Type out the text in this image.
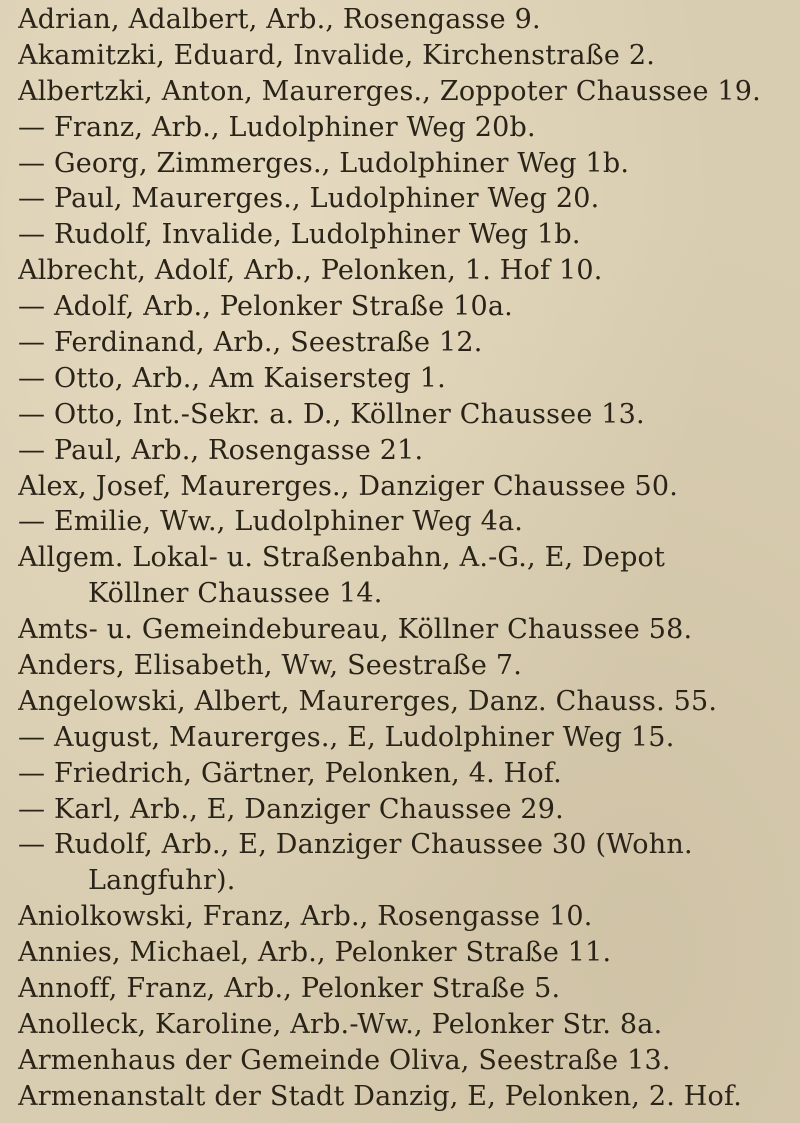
Adrian, Adalbert, Arb., Rosengasse 9.
Akamitzki, Eduard, Invalide, Kirchenstraße 2.
Albertzki, Anton, Maurerges., Zoppoter Chaussee 19.
— Franz, Arb., Ludolphiner Weg 20b.
— Georg, Zimmerges., Ludolphiner Weg 1b.
— Paul, Maurerges., Ludolphiner Weg 20.
— Rudolf, Invalide, Ludolphiner Weg 1b.
Albrecht, Adolf, Arb., Pelonken, 1. Hof 10.
— Adolf, Arb., Pelonker Straße 10a.
— Ferdinand, Arb., Seestraße 12.
— Otto, Arb., Am Kaisersteg 1.
— Otto, Int.-Sekr. a. D., Köllner Chaussee 13.
— Paul, Arb., Rosengasse 21.
Alex, Josef, Maurerges., Danziger Chaussee 50.
— Emilie, Ww., Ludolphiner Weg 4a.
Allgem. Lokal- u. Straßenbahn, A.-G., E, Depot
Köllner Chaussee 14.
Amts- u. Gemeindebureau, Köllner Chaussee 58.
Anders, Elisabeth, Ww, Seestraße 7.
Angelowski, Albert, Maurerges, Danz. Chauss. 55.
— August, Maurerges., E, Ludolphiner Weg 15.
— Friedrich, Gärtner, Pelonken, 4. Hof.
— Karl, Arb., E, Danziger Chaussee 29.
— Rudolf, Arb., E, Danziger Chaussee 30 (Wohn.
Langfuhr).
Aniolkowski, Franz, Arb., Rosengasse 10.
Annies, Michael, Arb., Pelonker Straße 11.
Annoff, Franz, Arb., Pelonker Straße 5.
Anolleck, Karoline, Arb.-Ww., Pelonker Str. 8a.
Armenhaus der Gemeinde Oliva, Seestraße 13.
Armenanstalt der Stadt Danzig, E, Pelonken, 2. Hof.
